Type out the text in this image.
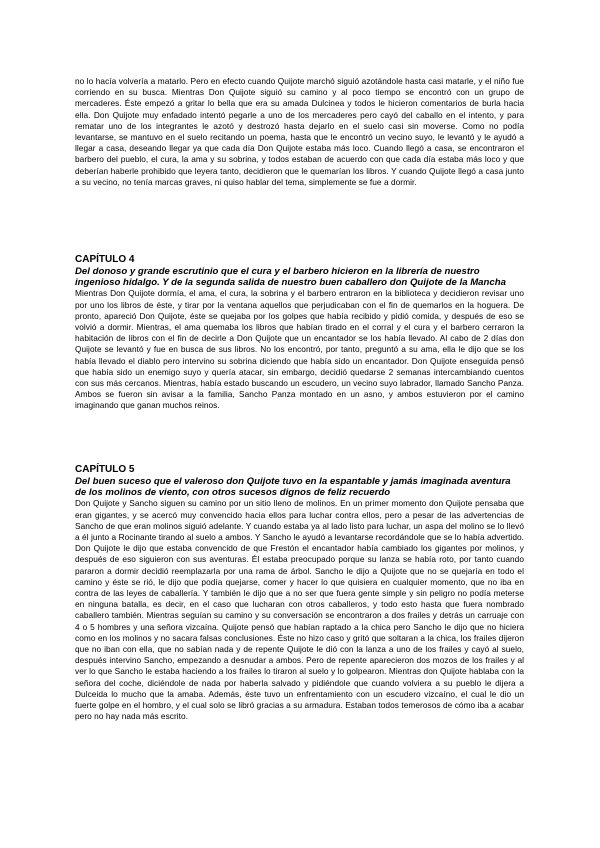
no lo hacía volvería a matarlo. Pero en efecto cuando Quijote marchó siguió azotándole hasta casi matarle, y el niño fue corriendo en su busca. Mientras Don Quijote siguió su camino y al poco tiempo se encontró con un grupo de mercaderes. Éste empezó a gritar lo bella que era su amada Dulcinea y todos le hicieron comentarios de burla hacia ella. Don Quijote muy enfadado intentó pegarle a uno de los mercaderes pero cayó del caballo en el intento, y para rematar uno de los integrantes le azotó y destrozó hasta dejarlo en el suelo casi sin moverse. Como no podía levantarse, se mantuvo en el suelo recitando un poema, hasta que le encontró un vecino suyo, le levantó y le ayudó a llegar a casa, deseando llegar ya que cada día Don Quijote estaba más loco. Cuando llegó a casa, se encontraron el barbero del pueblo, el cura, la ama y su sobrina, y todos estaban de acuerdo con que cada día estaba más loco y que deberían haberle prohibido que leyera tanto, decidieron que le quemarían los libros. Y cuando Quijote llegó a casa junto a su vecino, no tenía marcas graves, ni quiso hablar del tema, simplemente se fue a dormir.

CAPÍTULO 4
Del donoso y grande escrutinio que el cura y el barbero hicieron en la librería de nuestro ingenioso hidalgo. Y de la segunda salida de nuestro buen caballero don Quijote de la Mancha

Mientras Don Quijote dormía, el ama, el cura, la sobrina y el barbero entraron en la biblioteca y decidieron revisar uno por uno los libros de éste, y tirar por la ventana aquellos que perjudicaban con el fin de quemarlos en la hoguera. De pronto, apareció Don Quijote, éste se quejaba por los golpes que había recibido y pidió comida, y después de eso se volvió a dormir. Mientras, el ama quemaba los libros que habían tirado en el corral y el cura y el barbero cerraron la habitación de libros con el fin de decirle a Don Quijote que un encantador se los había llevado. Al cabo de 2 días don Quijote se levantó y fue en busca de sus libros. No los encontró, por tanto, preguntó a su ama, ella le dijo que se los había llevado el diablo pero intervino su sobrina diciendo que había sido un encantador. Don Quijote enseguida pensó que había sido un enemigo suyo y quería atacar, sin embargo, decidió quedarse 2 semanas intercambiando cuentos con sus más cercanos. Mientras, había estado buscando un escudero, un vecino suyo labrador, llamado Sancho Panza. Ambos se fueron sin avisar a la familia, Sancho Panza montado en un asno, y ambos estuvieron por el camino imaginando que ganan muchos reinos.

CAPÍTULO 5
Del buen suceso que el valeroso don Quijote tuvo en la espantable y jamás imaginada aventura de los molinos de viento, con otros sucesos dignos de feliz recuerdo

Don Quijote y Sancho siguen su camino por un sitio lleno de molinos. En un primer momento don Quijote pensaba que eran gigantes, y se acercó muy convencido hacia ellos para luchar contra ellos, pero a pesar de las advertencias de Sancho de que eran molinos siguió adelante. Y cuando estaba ya al lado listo para luchar, un aspa del molino se lo llevó a él junto a Rocinante tirando al suelo a ambos. Y Sancho le ayudó a levantarse recordándole que se lo había advertido. Don Quijote le dijo que estaba convencido de que Frestón el encantador había cambiado los gigantes por molinos, y después de eso siguieron con sus aventuras. Él estaba preocupado porque su lanza se había roto, por tanto cuando pararon a dormir decidió reemplazarla por una rama de árbol. Sancho le dijo a Quijote que no se quejaría en todo el camino y éste se rió, le dijo que podía quejarse, comer y hacer lo que quisiera en cualquier momento, que no iba en contra de las leyes de caballería. Y también le dijo que a no ser que fuera gente simple y sin peligro no podía meterse en ninguna batalla, es decir, en el caso que lucharan con otros caballeros, y todo esto hasta que fuera nombrado caballero también. Mientras seguían su camino y su conversación se encontraron a dos frailes y detrás un carruaje con 4 o 5 hombres y una señora vizcaína. Quijote pensó que habían raptado a la chica pero Sancho le dijo que no hiciera como en los molinos y no sacara falsas conclusiones. Éste no hizo caso y gritó que soltaran a la chica, los frailes dijeron que no iban con ella, que no sabían nada y de repente Quijote le dió con la lanza a uno de los frailes y cayó al suelo, después intervino Sancho, empezando a desnudar a ambos. Pero de repente aparecieron dos mozos de los frailes y al ver lo que Sancho le estaba haciendo a los frailes lo tiraron al suelo y lo golpearon. Mientras don Quijote hablaba con la señora del coche, diciéndole de nada por haberla salvado y pidiéndole que cuando volviera a su pueblo le dijera a Dulceida lo mucho que la amaba. Además, éste tuvo un enfrentamiento con un escudero vizcaíno, el cual le dio un fuerte golpe en el hombro, y el cual solo se libró gracias a su armadura. Estaban todos temerosos de cómo iba a acabar pero no hay nada más escrito.
